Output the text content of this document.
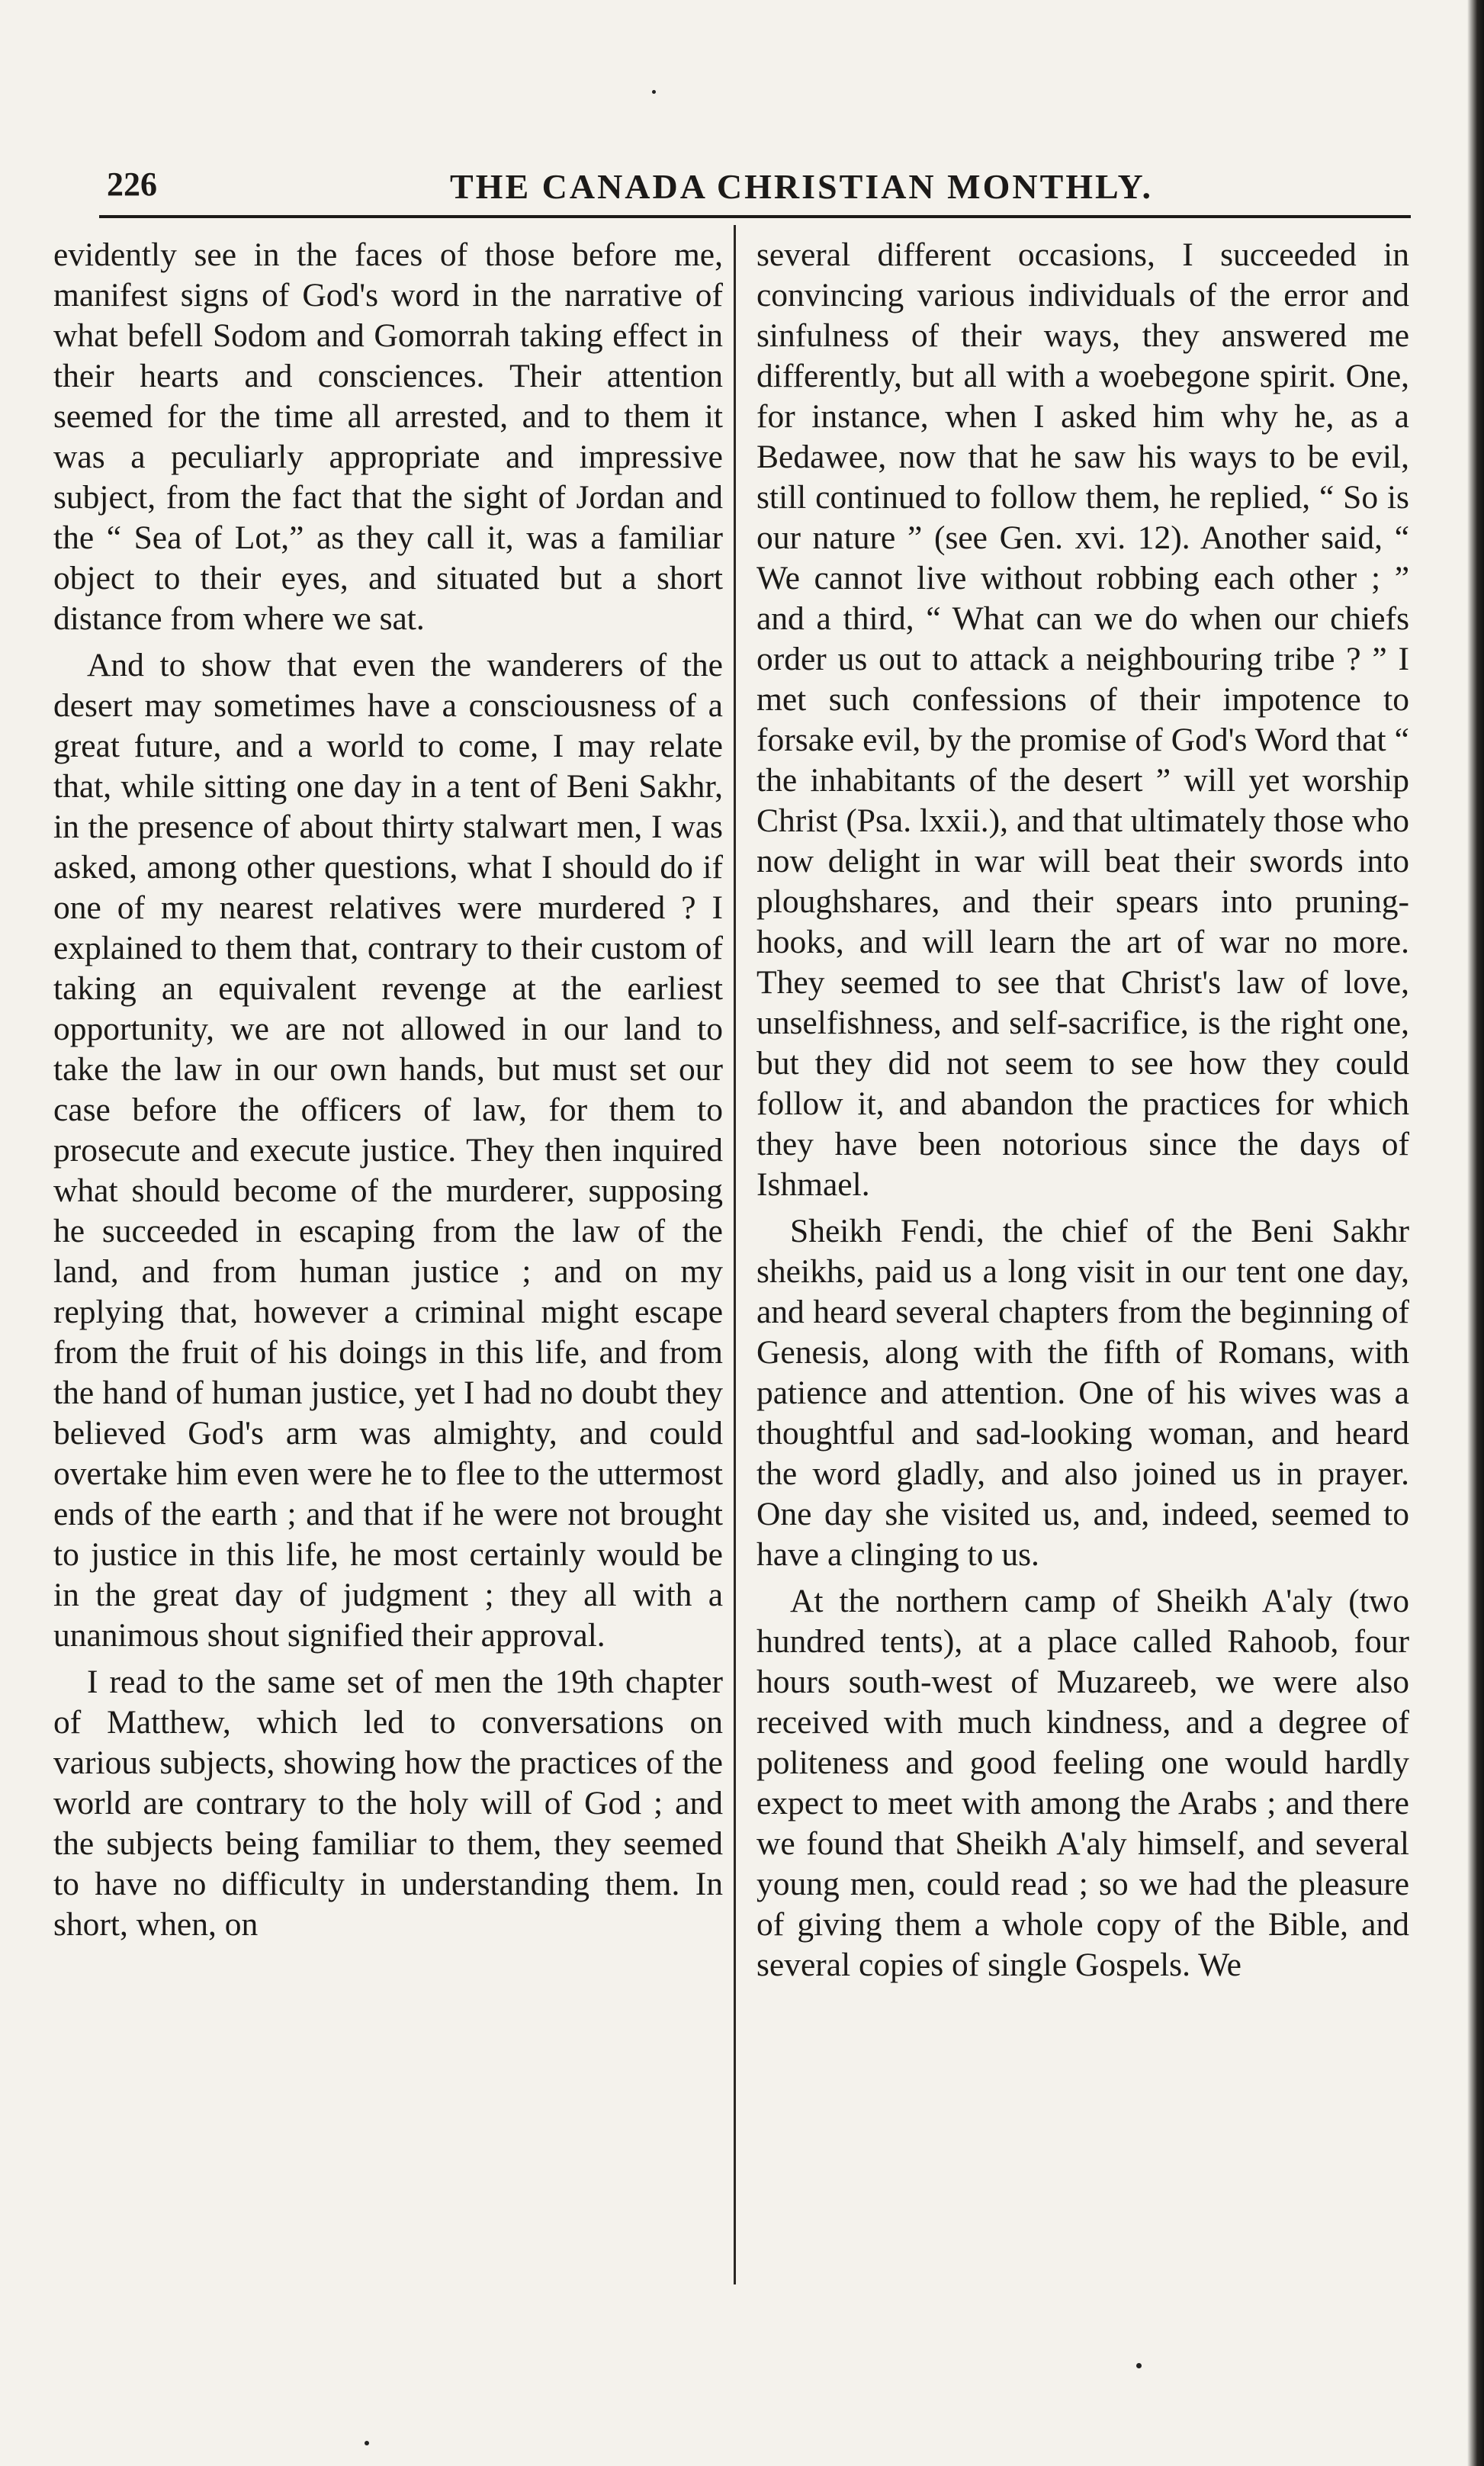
226	THE CANADA CHRISTIAN MONTHLY.

evidently see in the faces of those before me, manifest signs of God's word in the narrative of what befell Sodom and Gomorrah taking effect in their hearts and consciences. Their attention seemed for the time all arrested, and to them it was a peculiarly appropriate and impressive subject, from the fact that the sight of Jordan and the “ Sea of Lot,” as they call it, was a familiar object to their eyes, and situated but a short distance from where we sat.

And to show that even the wanderers of the desert may sometimes have a consciousness of a great future, and a world to come, I may relate that, while sitting one day in a tent of Beni Sakhr, in the presence of about thirty stalwart men, I was asked, among other questions, what I should do if one of my nearest relatives were murdered ? I explained to them that, contrary to their custom of taking an equivalent revenge at the earliest opportunity, we are not allowed in our land to take the law in our own hands, but must set our case before the officers of law, for them to prosecute and execute justice. They then inquired what should become of the murderer, supposing he succeeded in escaping from the law of the land, and from human justice ; and on my replying that, however a criminal might escape from the fruit of his doings in this life, and from the hand of human justice, yet I had no doubt they believed God's arm was almighty, and could overtake him even were he to flee to the uttermost ends of the earth ; and that if he were not brought to justice in this life, he most certainly would be in the great day of judgment ; they all with a unanimous shout signified their approval.

I read to the same set of men the 19th chapter of Matthew, which led to conversations on various subjects, showing how the practices of the world are contrary to the holy will of God ; and the subjects being familiar to them, they seemed to have no difficulty in understanding them. In short, when, on

several different occasions, I succeeded in convincing various individuals of the error and sinfulness of their ways, they answered me differently, but all with a woebegone spirit. One, for instance, when I asked him why he, as a Bedawee, now that he saw his ways to be evil, still continued to follow them, he replied, “ So is our nature ” (see Gen. xvi. 12). Another said, “ We cannot live without robbing each other ; ” and a third, “ What can we do when our chiefs order us out to attack a neighbouring tribe ? ” I met such confessions of their impotence to forsake evil, by the promise of God's Word that “ the inhabitants of the desert ” will yet worship Christ (Psa. lxxii.), and that ultimately those who now delight in war will beat their swords into ploughshares, and their spears into pruning-hooks, and will learn the art of war no more. They seemed to see that Christ's law of love, unselfishness, and self-sacrifice, is the right one, but they did not seem to see how they could follow it, and abandon the practices for which they have been notorious since the days of Ishmael.

Sheikh Fendi, the chief of the Beni Sakhr sheikhs, paid us a long visit in our tent one day, and heard several chapters from the beginning of Genesis, along with the fifth of Romans, with patience and attention. One of his wives was a thoughtful and sad-looking woman, and heard the word gladly, and also joined us in prayer. One day she visited us, and, indeed, seemed to have a clinging to us.

At the northern camp of Sheikh A'aly (two hundred tents), at a place called Rahoob, four hours south-west of Muzareeb, we were also received with much kindness, and a degree of politeness and good feeling one would hardly expect to meet with among the Arabs ; and there we found that Sheikh A'aly himself, and several young men, could read ; so we had the pleasure of giving them a whole copy of the Bible, and several copies of single Gospels. We
